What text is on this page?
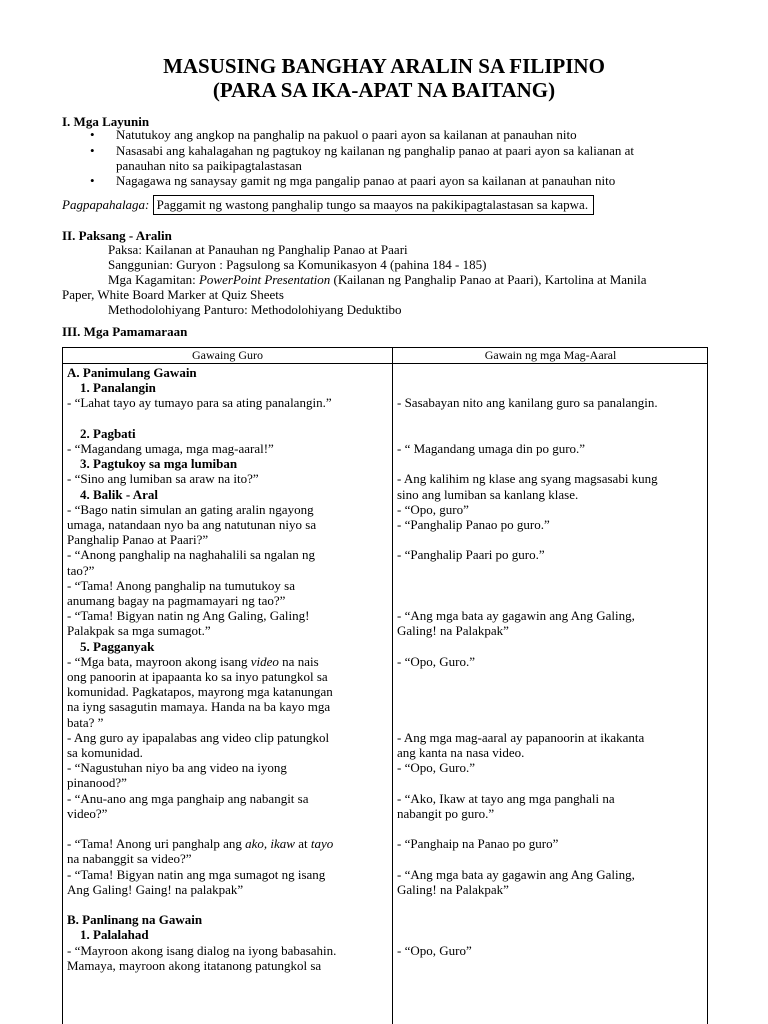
MASUSING BANGHAY ARALIN SA FILIPINO
(PARA SA IKA-APAT NA BAITANG)
I. Mga Layunin
• Natutukoy ang angkop na panghalip na pakuol o paari ayon sa kailanan at panauhan nito
• Nasasabi ang kahalagahan ng pagtukoy ng kailanan ng panghalip panao at paari ayon sa kalianan at
panauhan nito sa paikipagtalastasan
• Nagagawa ng sanaysay gamit ng mga pangalip panao at paari ayon sa kailanan at panauhan nito
Pagpapahalaga: Paggamit ng wastong panghalip tungo sa maayos na pakikipagtalastasan sa kapwa.
II. Paksang - Aralin
Paksa: Kailanan at Panauhan ng Panghalip Panao at Paari
Sanggunian: Guryon : Pagsulong sa Komunikasyon 4 (pahina 184 - 185)
Mga Kagamitan: PowerPoint Presentation (Kailanan ng Panghalip Panao at Paari), Kartolina at Manila
Paper, White Board Marker at Quiz Sheets
Methodolohiyang Panturo: Methodolohiyang Deduktibo
III. Mga Pamamaraan
Gawaing Guro	Gawain ng mga Mag-Aaral
A. Panimulang Gawain
1. Panalangin
- “Lahat tayo ay tumayo para sa ating panalangin.”
2. Pagbati
- “Magandang umaga, mga mag-aaral!”
3. Pagtukoy sa mga lumiban
- “Sino ang lumiban sa araw na ito?”
4. Balik - Aral
- “Bago natin simulan an gating aralin ngayong
umaga, natandaan nyo ba ang natutunan niyo sa
Panghalip Panao at Paari?”
- “Anong panghalip na naghahalili sa ngalan ng
tao?”
- “Tama! Anong panghalip na tumutukoy sa
anumang bagay na pagmamayari ng tao?”
- “Tama! Bigyan natin ng Ang Galing, Galing!
Palakpak sa mga sumagot.”
5. Pagganyak
- “Mga bata, mayroon akong isang video na nais
ong panoorin at ipapaanta ko sa inyo patungkol sa
komunidad. Pagkatapos, mayrong mga katanungan
na iyng sasagutin mamaya. Handa na ba kayo mga
bata? ”
- Ang guro ay ipapalabas ang video clip patungkol
sa komunidad.
- “Nagustuhan niyo ba ang video na iyong
pinanood?”
- “Anu-ano ang mga panghaip ang nabangit sa
video?”
- “Tama! Anong uri panghalp ang ako, ikaw at tayo
na nabanggit sa video?”
- “Tama! Bigyan natin ang mga sumagot ng isang
Ang Galing! Gaing! na palakpak”
B. Panlinang na Gawain
1. Palalahad
- “Mayroon akong isang dialog na iyong babasahin.
Mamaya, mayroon akong itatanong patungkol sa
- Sasabayan nito ang kanilang guro sa panalangin.
- “ Magandang umaga din po guro.”
- Ang kalihim ng klase ang syang magsasabi kung
sino ang lumiban sa kanlang klase.
- “Opo, guro”
- “Panghalip Panao po guro.”
- “Panghalip Paari po guro.”
- “Ang mga bata ay gagawin ang Ang Galing,
Galing! na Palakpak”
- “Opo, Guro.”
- Ang mga mag-aaral ay papanoorin at ikakanta
ang kanta na nasa video.
- “Opo, Guro.”
- “Ako, Ikaw at tayo ang mga panghali na
nabangit po guro.”
- “Panghaip na Panao po guro”
- “Ang mga bata ay gagawin ang Ang Galing,
Galing! na Palakpak”
- “Opo, Guro”
